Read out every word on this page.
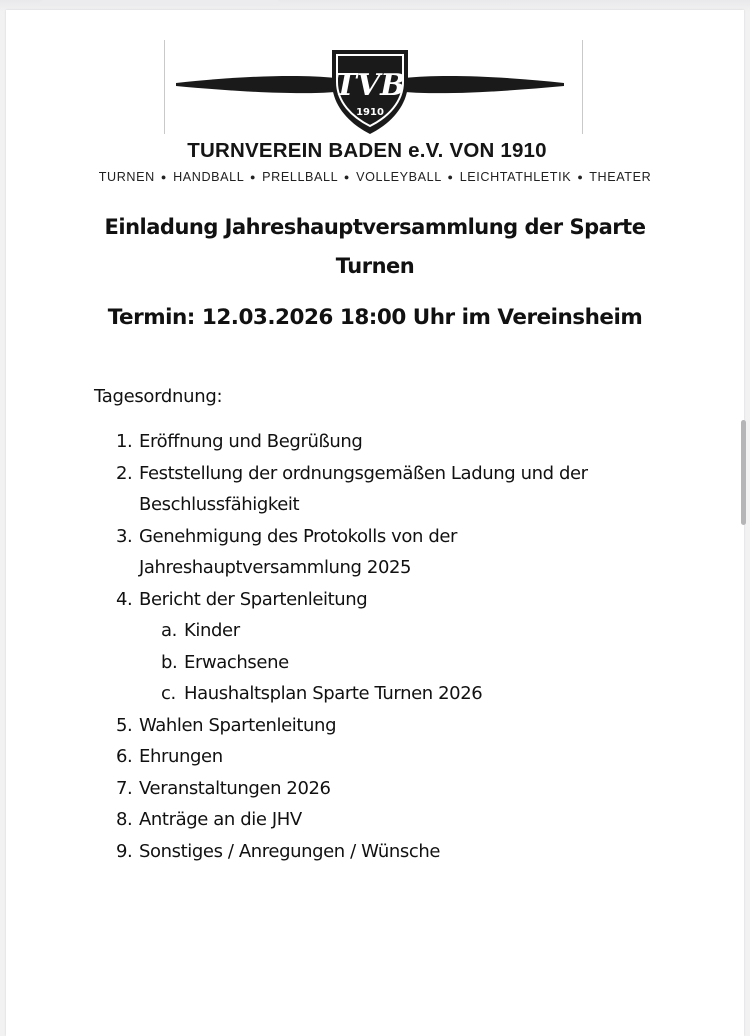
TVB
1910
TURNVEREIN BADEN e.V. VON 1910
TURNEN ● HANDBALL ● PRELLBALL ● VOLLEYBALL ● LEICHTATHLETIK ● THEATER
Einladung Jahreshauptversammlung der Sparte
Turnen
Termin: 12.03.2026 18:00 Uhr im Vereinsheim
Tagesordnung:
1. Eröffnung und Begrüßung
2. Feststellung der ordnungsgemäßen Ladung und der
Beschlussfähigkeit
3. Genehmigung des Protokolls von der
Jahreshauptversammlung 2025
4. Bericht der Spartenleitung
a. Kinder
b. Erwachsene
c. Haushaltsplan Sparte Turnen 2026
5. Wahlen Spartenleitung
6. Ehrungen
7. Veranstaltungen 2026
8. Anträge an die JHV
9. Sonstiges / Anregungen / Wünsche
